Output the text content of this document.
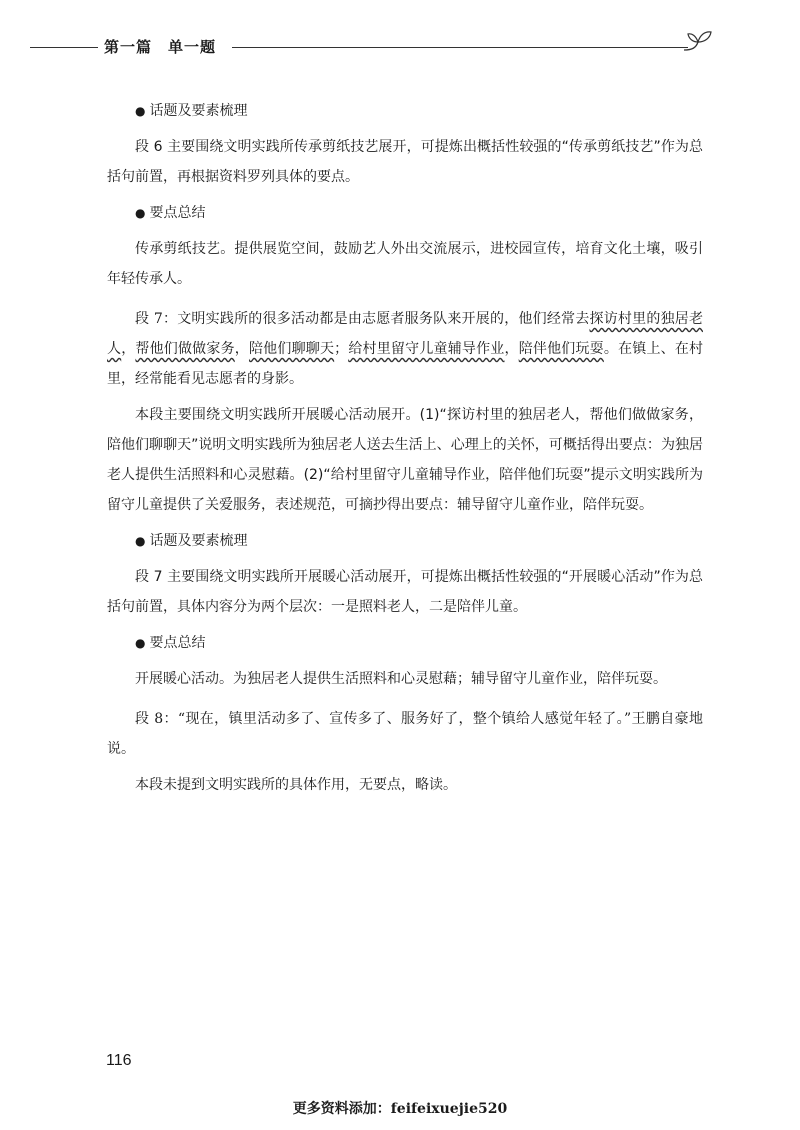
第一篇 单一题

● 话题及要素梳理

段 6 主要围绕文明实践所传承剪纸技艺展开，可提炼出概括性较强的“传承剪纸技艺”作为总括句前置，再根据资料罗列具体的要点。

● 要点总结

传承剪纸技艺。提供展览空间，鼓励艺人外出交流展示，进校园宣传，培育文化土壤，吸引年轻传承人。

段 7：文明实践所的很多活动都是由志愿者服务队来开展的，他们经常去探访村里的独居老人，帮他们做做家务，陪他们聊聊天；给村里留守儿童辅导作业，陪伴他们玩耍。在镇上、在村里，经常能看见志愿者的身影。

本段主要围绕文明实践所开展暖心活动展开。(1)“探访村里的独居老人，帮他们做做家务，陪他们聊聊天”说明文明实践所为独居老人送去生活上、心理上的关怀，可概括得出要点：为独居老人提供生活照料和心灵慰藉。(2)“给村里留守儿童辅导作业，陪伴他们玩耍”提示文明实践所为留守儿童提供了关爱服务，表述规范，可摘抄得出要点：辅导留守儿童作业，陪伴玩耍。

● 话题及要素梳理

段 7 主要围绕文明实践所开展暖心活动展开，可提炼出概括性较强的“开展暖心活动”作为总括句前置，具体内容分为两个层次：一是照料老人，二是陪伴儿童。

● 要点总结

开展暖心活动。为独居老人提供生活照料和心灵慰藉；辅导留守儿童作业，陪伴玩耍。

段 8：“现在，镇里活动多了、宣传多了、服务好了，整个镇给人感觉年轻了。”王鹏自豪地说。

本段未提到文明实践所的具体作用，无要点，略读。

116
更多资料添加：feifeixuejie520
